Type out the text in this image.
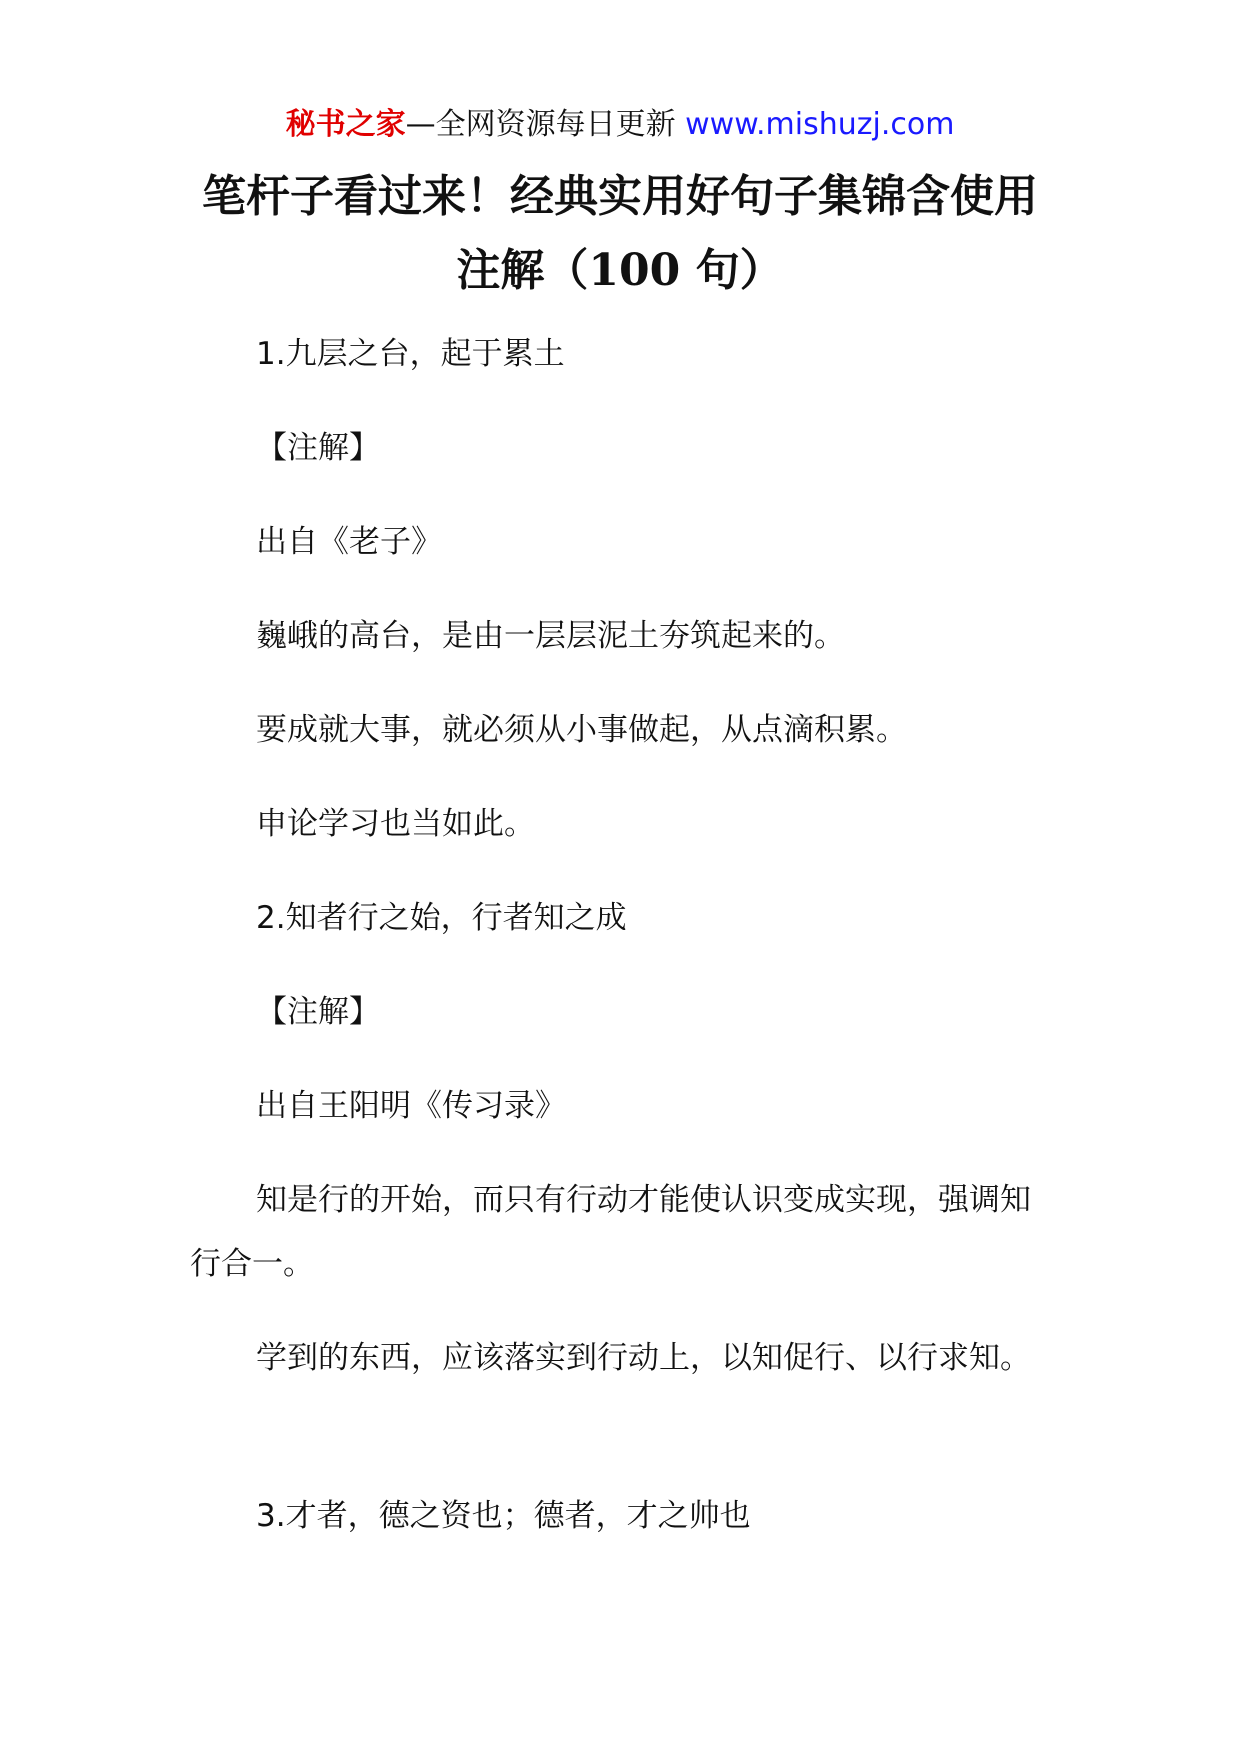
秘书之家—全网资源每日更新 www.mishuzj.com
笔杆子看过来！经典实用好句子集锦含使用注解（100 句）
1.九层之台，起于累土
【注解】
出自《老子》
巍峨的高台，是由一层层泥土夯筑起来的。
要成就大事，就必须从小事做起，从点滴积累。
申论学习也当如此。
2.知者行之始，行者知之成
【注解】
出自王阳明《传习录》
知是行的开始，而只有行动才能使认识变成实现，强调知行合一。
学到的东西，应该落实到行动上，以知促行、以行求知。
3.才者，德之资也；德者，才之帅也
